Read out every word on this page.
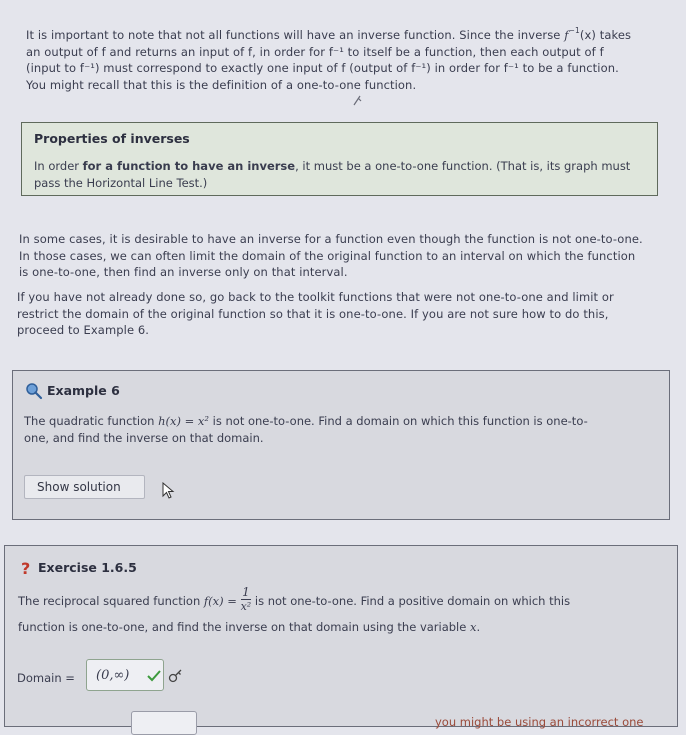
It is important to note that not all functions will have an inverse function. Since the inverse $f^{-1}(x)$ takes
an output of f and returns an input of f, in order for f⁻¹ to itself be a function, then each output of f
(input to f⁻¹) must correspond to exactly one input of f (output of f⁻¹) in order for f⁻¹ to be a function.
You might recall that this is the definition of a one-to-one function.
Properties of inverses
In order for a function to have an inverse, it must be a one-to-one function. (That is, its graph must
pass the Horizontal Line Test.)
In some cases, it is desirable to have an inverse for a function even though the function is not one-to-one.
In those cases, we can often limit the domain of the original function to an interval on which the function
is one-to-one, then find an inverse only on that interval.
If you have not already done so, go back to the toolkit functions that were not one-to-one and limit or
restrict the domain of the original function so that it is one-to-one. If you are not sure how to do this,
proceed to Example 6.
Example 6
The quadratic function h(x) = x² is not one-to-one. Find a domain on which this function is one-to-
one, and find the inverse on that domain.
Show solution
? Exercise 1.6.5
The reciprocal squared function $f(x) = \frac{1}{\text{x²}}$ is not one-to-one. Find a positive domain on which this
function is one-to-one, and find the inverse on that domain using the variable x.
Domain = (0,∞)
you might be using an incorrect one
